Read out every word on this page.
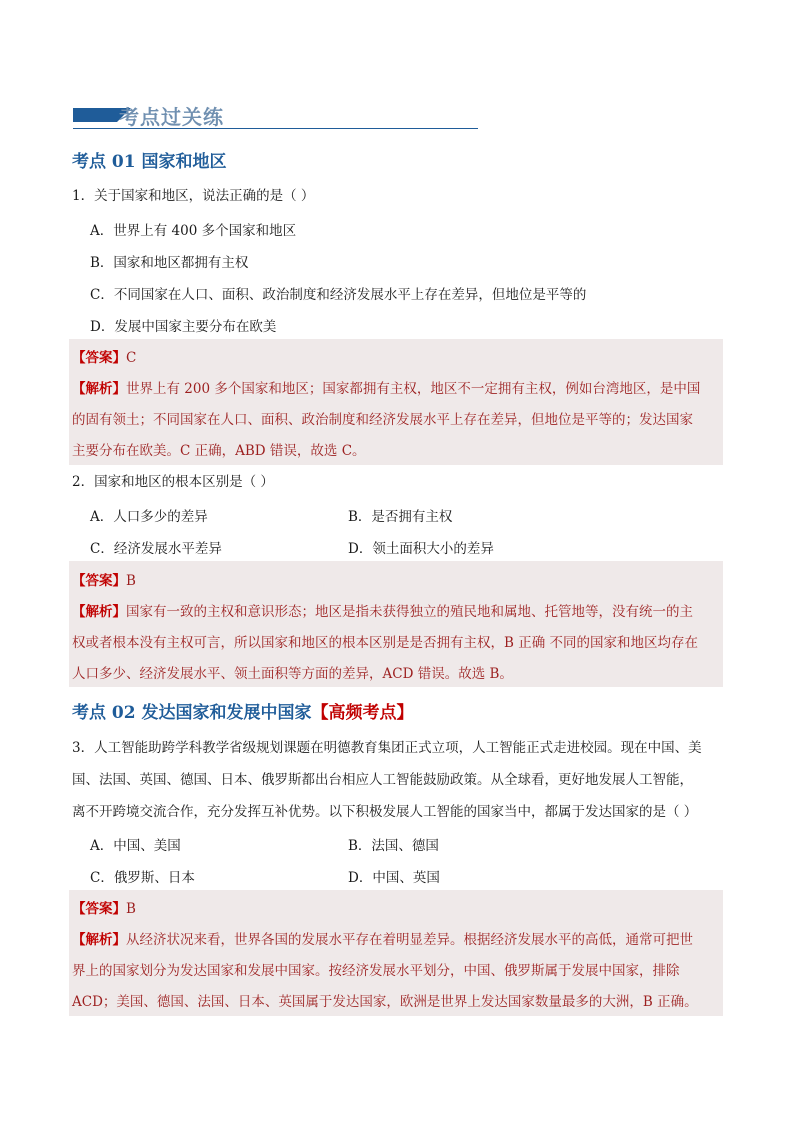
考点过关练
考点 01 国家和地区
1．关于国家和地区，说法正确的是（ ）
A．世界上有 400 多个国家和地区
B．国家和地区都拥有主权
C．不同国家在人口、面积、政治制度和经济发展水平上存在差异，但地位是平等的
D．发展中国家主要分布在欧美
【答案】C
【解析】世界上有 200 多个国家和地区；国家都拥有主权，地区不一定拥有主权，例如台湾地区，是中国
的固有领土；不同国家在人口、面积、政治制度和经济发展水平上存在差异，但地位是平等的；发达国家
主要分布在欧美。C 正确，ABD 错误，故选 C。
2．国家和地区的根本区别是（ ）
A．人口多少的差异	B．是否拥有主权
C．经济发展水平差异	D．领土面积大小的差异
【答案】B
【解析】国家有一致的主权和意识形态；地区是指未获得独立的殖民地和属地、托管地等，没有统一的主
权或者根本没有主权可言，所以国家和地区的根本区别是是否拥有主权，B 正确 不同的国家和地区均存在
人口多少、经济发展水平、领土面积等方面的差异，ACD 错误。故选 B。
考点 02 发达国家和发展中国家【高频考点】
3．人工智能助跨学科教学省级规划课题在明德教育集团正式立项，人工智能正式走进校园。现在中国、美
国、法国、英国、德国、日本、俄罗斯都出台相应人工智能鼓励政策。从全球看，更好地发展人工智能，
离不开跨境交流合作，充分发挥互补优势。以下积极发展人工智能的国家当中，都属于发达国家的是（ ）
A．中国、美国	B．法国、德国
C．俄罗斯、日本	D．中国、英国
【答案】B
【解析】从经济状况来看，世界各国的发展水平存在着明显差异。根据经济发展水平的高低，通常可把世
界上的国家划分为发达国家和发展中国家。按经济发展水平划分，中国、俄罗斯属于发展中国家，排除
ACD；美国、德国、法国、日本、英国属于发达国家，欧洲是世界上发达国家数量最多的大洲，B 正确。
